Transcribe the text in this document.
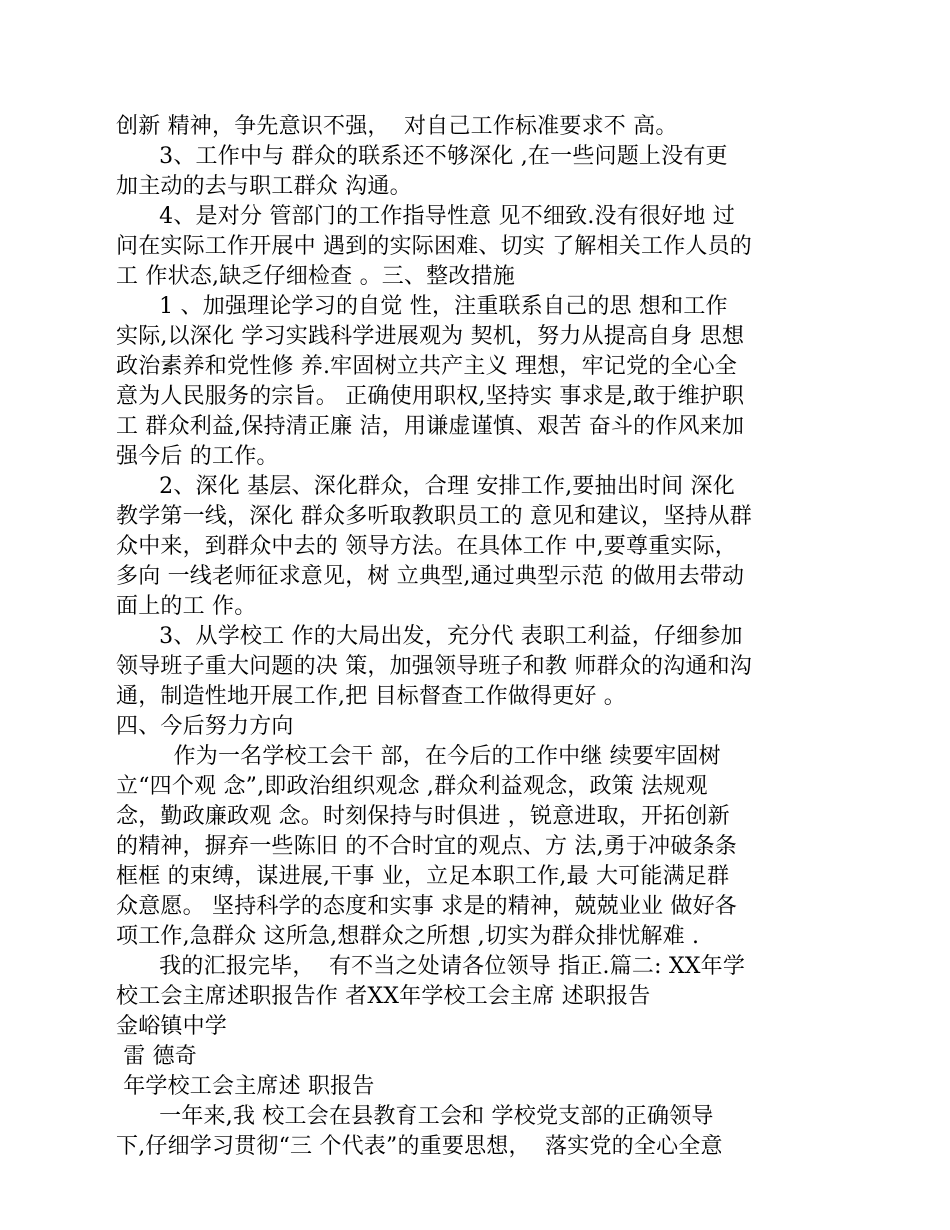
创新 精神，争先意识不强，  对自己工作标准要求不 高。
3、工作中与 群众的联系还不够深化 ,在一些问题上没有更
加主动的去与职工群众 沟通。
4、是对分 管部门的工作指导性意 见不细致.没有很好地 过
问在实际工作开展中 遇到的实际困难、切实 了解相关工作人员的
工 作状态,缺乏仔细检查 。三、整改措施
1 、加强理论学习的自觉 性，注重联系自己的思 想和工作
实际,以深化 学习实践科学进展观为 契机，努力从提高自身 思想
政治素养和党性修 养.牢固树立共产主义 理想，牢记党的全心全
意为人民服务的宗旨。 正确使用职权,坚持实 事求是,敢于维护职
工 群众利益,保持清正廉 洁，用谦虚谨慎、艰苦 奋斗的作风来加
强今后 的工作。
2、深化 基层、深化群众，合理 安排工作,要抽出时间 深化
教学第一线，深化 群众多听取教职员工的 意见和建议，坚持从群
众中来，到群众中去的 领导方法。在具体工作 中,要尊重实际，
多向 一线老师征求意见，树 立典型,通过典型示范 的做用去带动
面上的工 作。
3、从学校工 作的大局出发，充分代 表职工利益，仔细参加
领导班子重大问题的决 策，加强领导班子和教 师群众的沟通和沟
通，制造性地开展工作,把 目标督查工作做得更好 。
四、今后努力方向
作为一名学校工会干 部，在今后的工作中继 续要牢固树
立“四个观 念”,即政治组织观念 ,群众利益观念，政策 法规观
念，勤政廉政观 念。时刻保持与时俱进 ，锐意进取，开拓创新
的精神，摒弃一些陈旧 的不合时宜的观点、方 法,勇于冲破条条
框框 的束缚，谋进展,干事 业，立足本职工作,最 大可能满足群
众意愿。 坚持科学的态度和实事 求是的精神，兢兢业业 做好各
项工作,急群众 这所急,想群众之所想 ,切实为群众排忧解难 .
我的汇报完毕，  有不当之处请各位领导 指正.篇二: XX年学
校工会主席述职报告作 者XX年学校工会主席 述职报告
金峪镇中学
雷 德奇
年学校工会主席述 职报告
一年来,我 校工会在县教育工会和 学校党支部的正确领导
下,仔细学习贯彻“三 个代表”的重要思想，  落实党的全心全意
